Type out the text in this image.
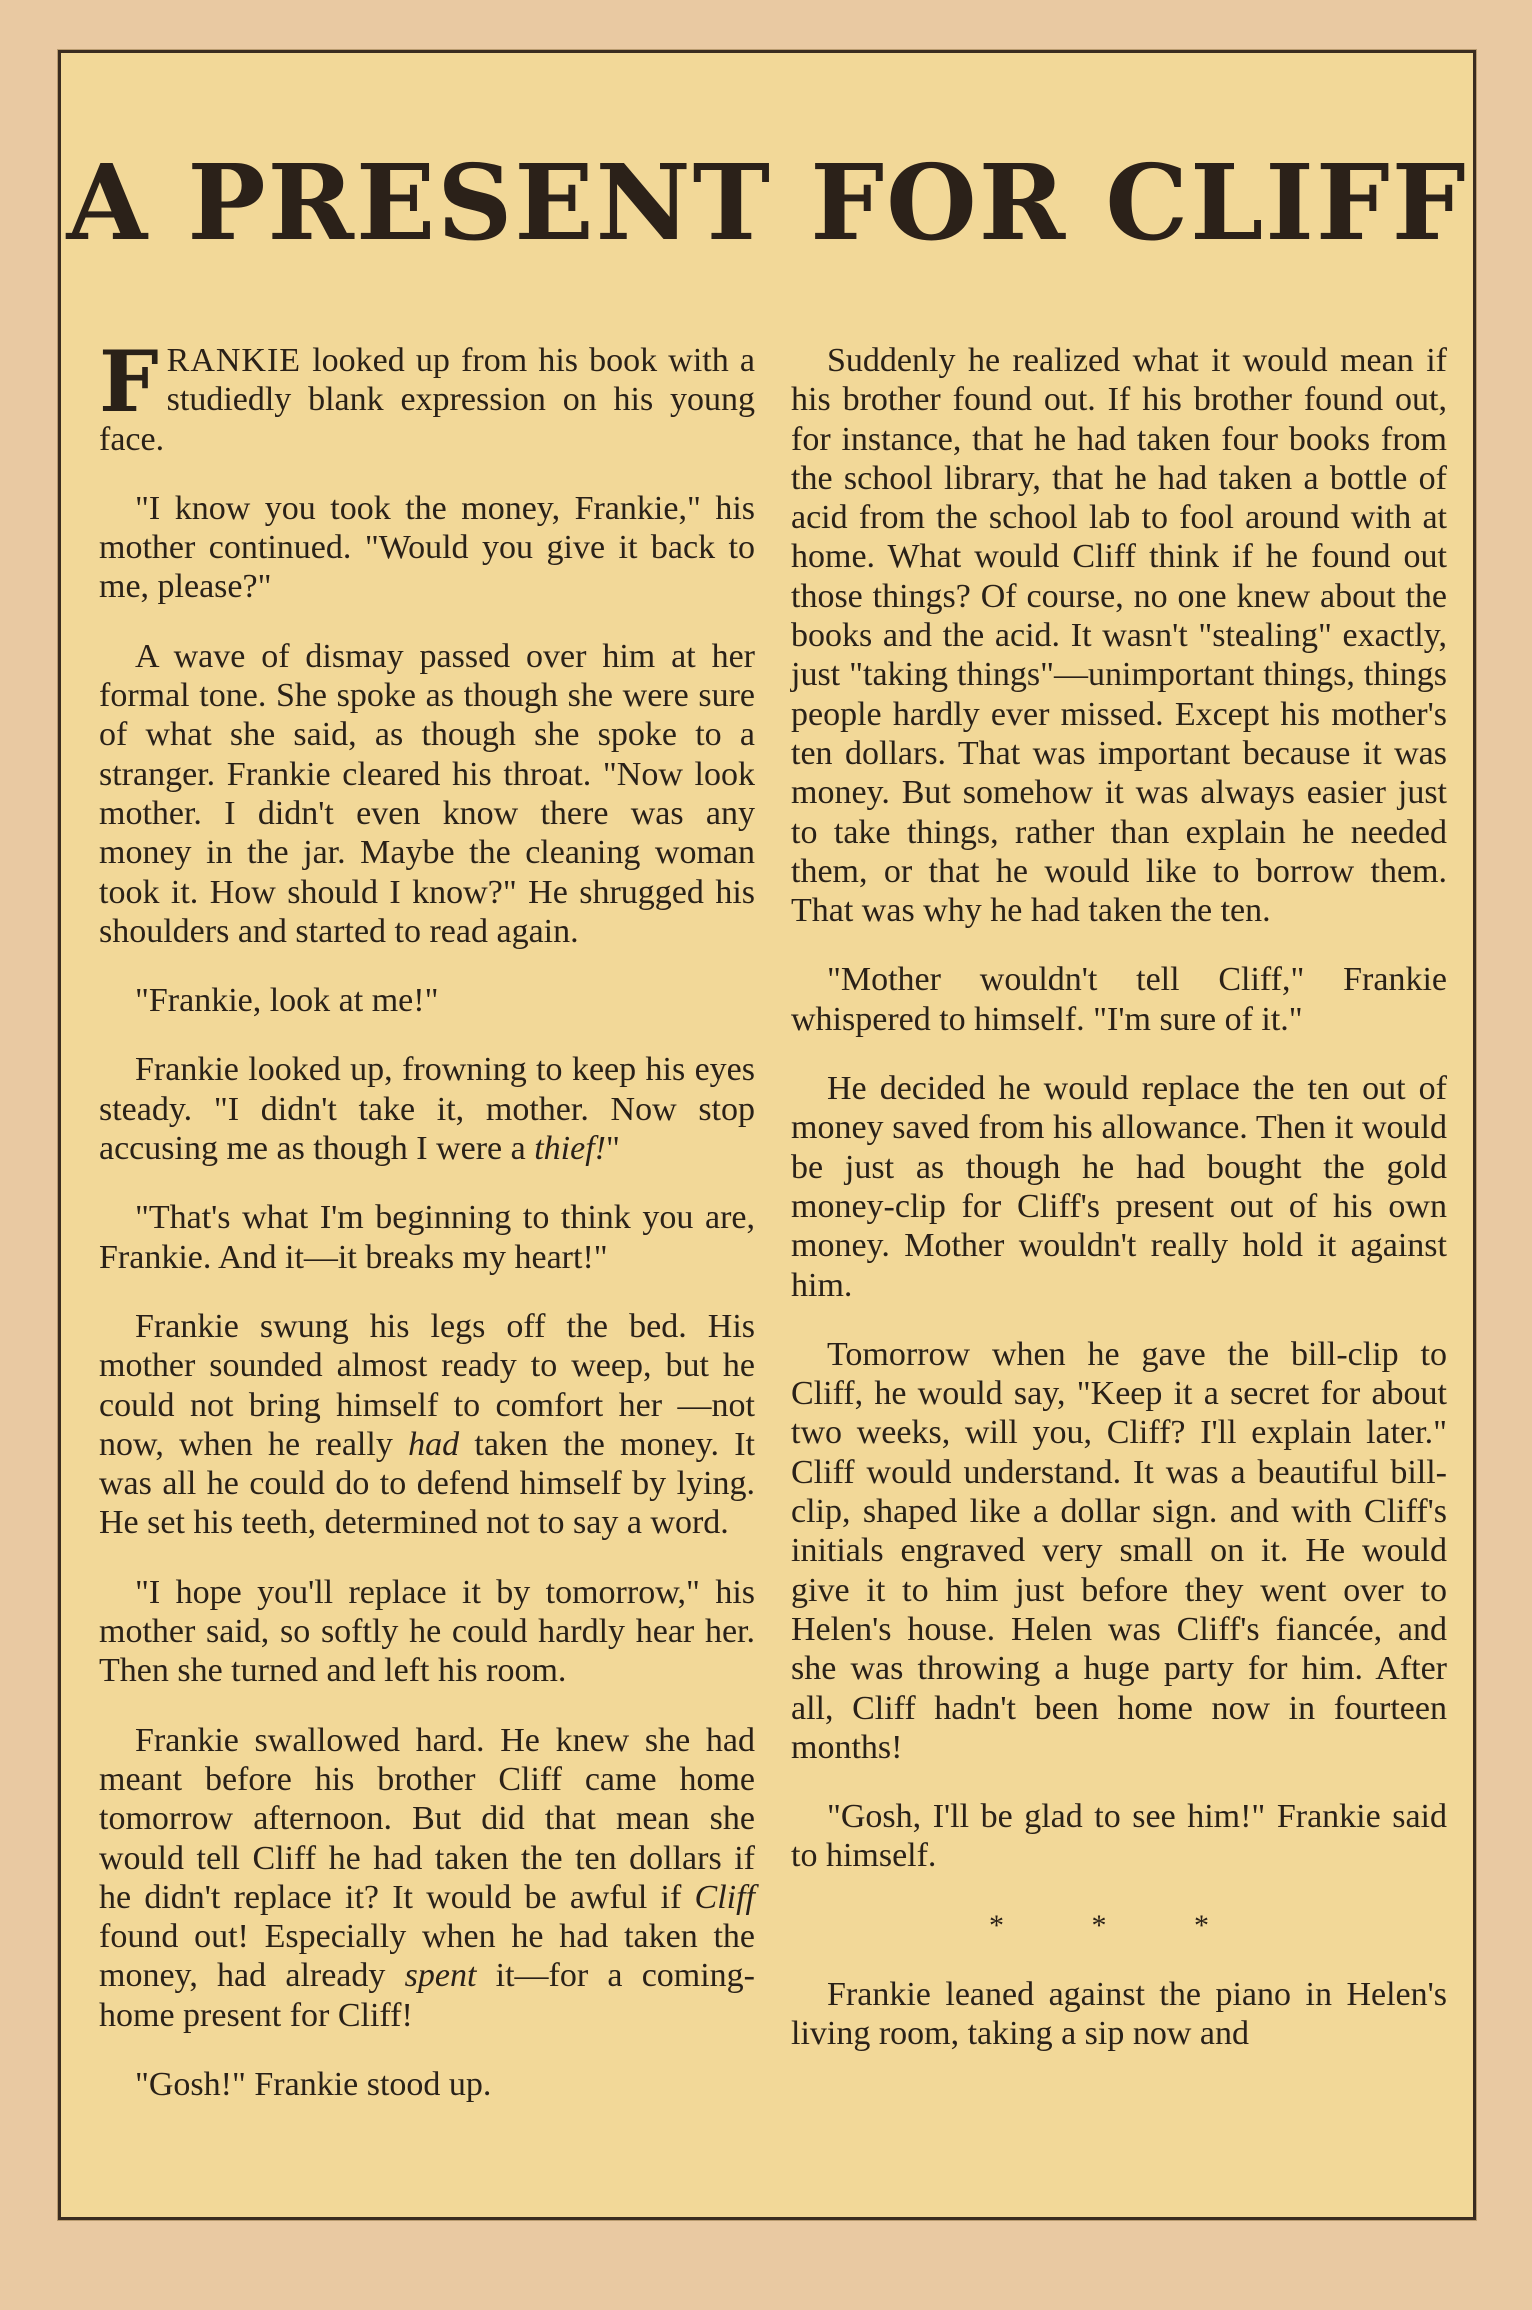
A PRESENT FOR CLIFF

FRANKIE looked up from his book with a studiedly blank expression on his young face.

"I know you took the money, Frankie," his mother continued. "Would you give it back to me, please?"

A wave of dismay passed over him at her formal tone. She spoke as though she were sure of what she said, as though she spoke to a stranger. Frankie cleared his throat. "Now look mother. I didn't even know there was any money in the jar. Maybe the cleaning woman took it. How should I know?" He shrugged his shoulders and started to read again.

"Frankie, look at me!"

Frankie looked up, frowning to keep his eyes steady. "I didn't take it, mother. Now stop accusing me as though I were a thief!"

"That's what I'm beginning to think you are, Frankie. And it—it breaks my heart!"

Frankie swung his legs off the bed. His mother sounded almost ready to weep, but he could not bring himself to comfort her —not now, when he really had taken the money. It was all he could do to defend himself by lying. He set his teeth, determined not to say a word.

"I hope you'll replace it by tomorrow," his mother said, so softly he could hardly hear her. Then she turned and left his room.

Frankie swallowed hard. He knew she had meant before his brother Cliff came home tomorrow afternoon. But did that mean she would tell Cliff he had taken the ten dollars if he didn't replace it? It would be awful if Cliff found out! Especially when he had taken the money, had already spent it—for a coming-home present for Cliff!

"Gosh!" Frankie stood up.

Suddenly he realized what it would mean if his brother found out. If his brother found out, for instance, that he had taken four books from the school library, that he had taken a bottle of acid from the school lab to fool around with at home. What would Cliff think if he found out those things? Of course, no one knew about the books and the acid. It wasn't "stealing" exactly, just "taking things"—unimportant things, things people hardly ever missed. Except his mother's ten dollars. That was important because it was money. But somehow it was always easier just to take things, rather than explain he needed them, or that he would like to borrow them. That was why he had taken the ten.

"Mother wouldn't tell Cliff," Frankie whispered to himself. "I'm sure of it."

He decided he would replace the ten out of money saved from his allowance. Then it would be just as though he had bought the gold money-clip for Cliff's present out of his own money. Mother wouldn't really hold it against him.

Tomorrow when he gave the bill-clip to Cliff, he would say, "Keep it a secret for about two weeks, will you, Cliff? I'll explain later." Cliff would understand. It was a beautiful bill-clip, shaped like a dollar sign. and with Cliff's initials engraved very small on it. He would give it to him just before they went over to Helen's house. Helen was Cliff's fiancée, and she was throwing a huge party for him. After all, Cliff hadn't been home now in fourteen months!

"Gosh, I'll be glad to see him!" Frankie said to himself.

* * *

Frankie leaned against the piano in Helen's living room, taking a sip now and
